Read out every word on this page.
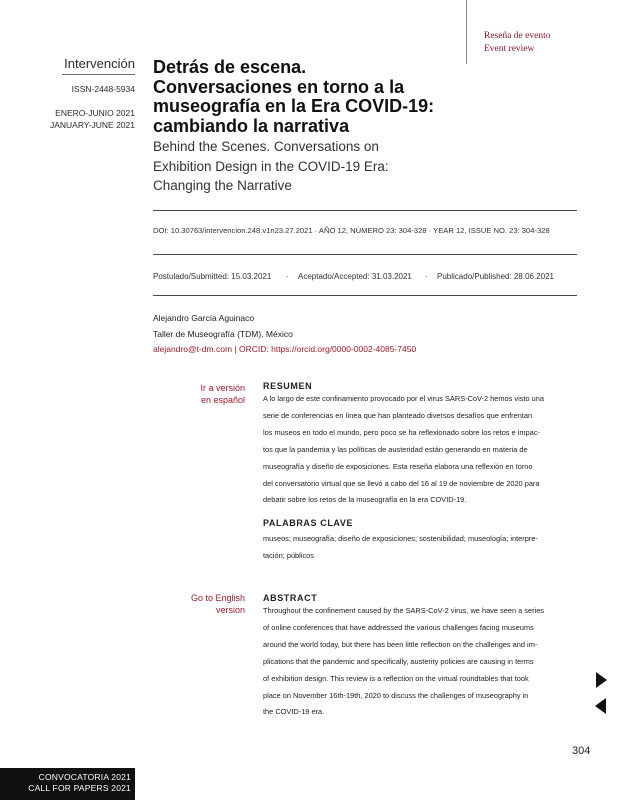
Reseña de evento
Event review
Intervención
ISSN-2448-5934
ENERO-JUNIO 2021
JANUARY-JUNE 2021
Detrás de escena.
Conversaciones en torno a la
museografía en la Era COVID-19:
cambiando la narrativa
Behind the Scenes. Conversations on
Exhibition Design in the COVID-19 Era:
Changing the Narrative
DOI: 10.30763/intervencion.248.v1n23.27.2021 · AÑO 12, NÚMERO 23: 304-328 · YEAR 12, ISSUE NO. 23: 304-328
Postulado/Submitted: 15.03.2021 · Aceptado/Accepted: 31.03.2021 · Publicado/Published: 28.06.2021
Alejandro García Aguinaco
Taller de Museografía (TDM), México
alejandro@t-dm.com | ORCID: https://orcid.org/0000-0002-4085-7450
Ir a versión
en español
RESUMEN
A lo largo de este confinamiento provocado por el virus SARS-CoV-2 hemos visto una
serie de conferencias en línea que han planteado diversos desafíos que enfrentan
los museos en todo el mundo, pero poco se ha reflexionado sobre los retos e impac-
tos que la pandemia y las políticas de austeridad están generando en materia de
museografía y diseño de exposiciones. Esta reseña elabora una reflexión en torno
del conversatorio virtual que se llevó a cabo del 16 al 19 de noviembre de 2020 para
debatir sobre los retos de la museografía en la era COVID-19.
PALABRAS CLAVE
museos; museografía; diseño de exposiciones; sostenibilidad; museología; interpre-
tación; públicos
Go to English
version
ABSTRACT
Throughout the confinement caused by the SARS-CoV-2 virus, we have seen a series
of online conferences that have addressed the various challenges facing museums
around the world today, but there has been little reflection on the challenges and im-
plications that the pandemic and specifically, austerity policies are causing in terms
of exhibition design. This review is a reflection on the virtual roundtables that took
place on November 16th-19th, 2020 to discuss the challenges of museography in
the COVID-19 era.
304
CONVOCATORIA 2021
CALL FOR PAPERS 2021
